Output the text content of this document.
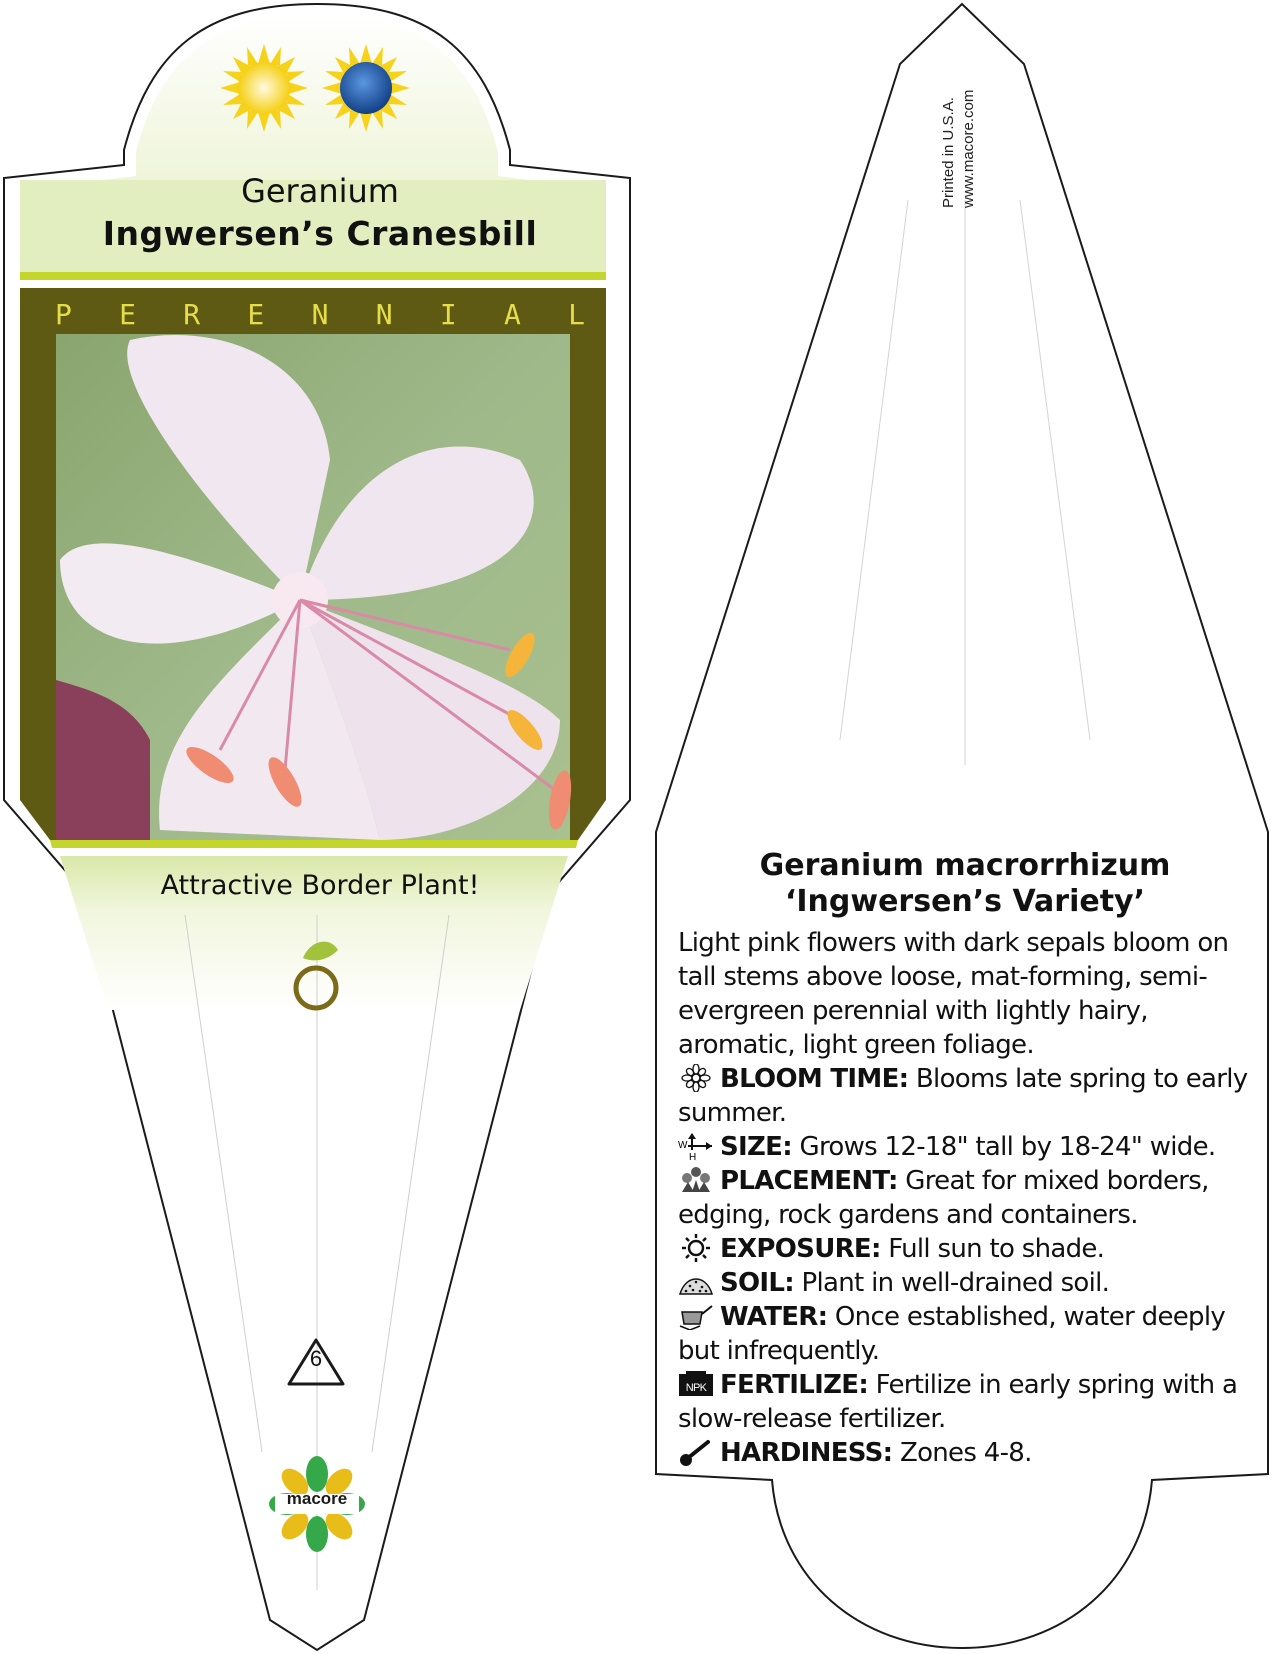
Geranium
Ingwersen’s Cranesbill
P E R E N N I A L
Attractive Border Plant!
6
macore
Printed in U.S.A. www.macore.com
Geranium macrorrhizum
‘Ingwersen’s Variety’

Light pink flowers with dark sepals bloom on tall stems above loose, mat-forming, semi-evergreen perennial with lightly hairy, aromatic, light green foliage.

BLOOM TIME: Blooms late spring to early summer.

W
H SIZE: Grows 12-18" tall by 18-24" wide.

PLACEMENT: Great for mixed borders, edging, rock gardens and containers.

EXPOSURE: Full sun to shade.

SOIL: Plant in well-drained soil.

WATER: Once established, water deeply but infrequently.

NPK FERTILIZE: Fertilize in early spring with a slow-release fertilizer.

HARDINESS: Zones 4-8.
